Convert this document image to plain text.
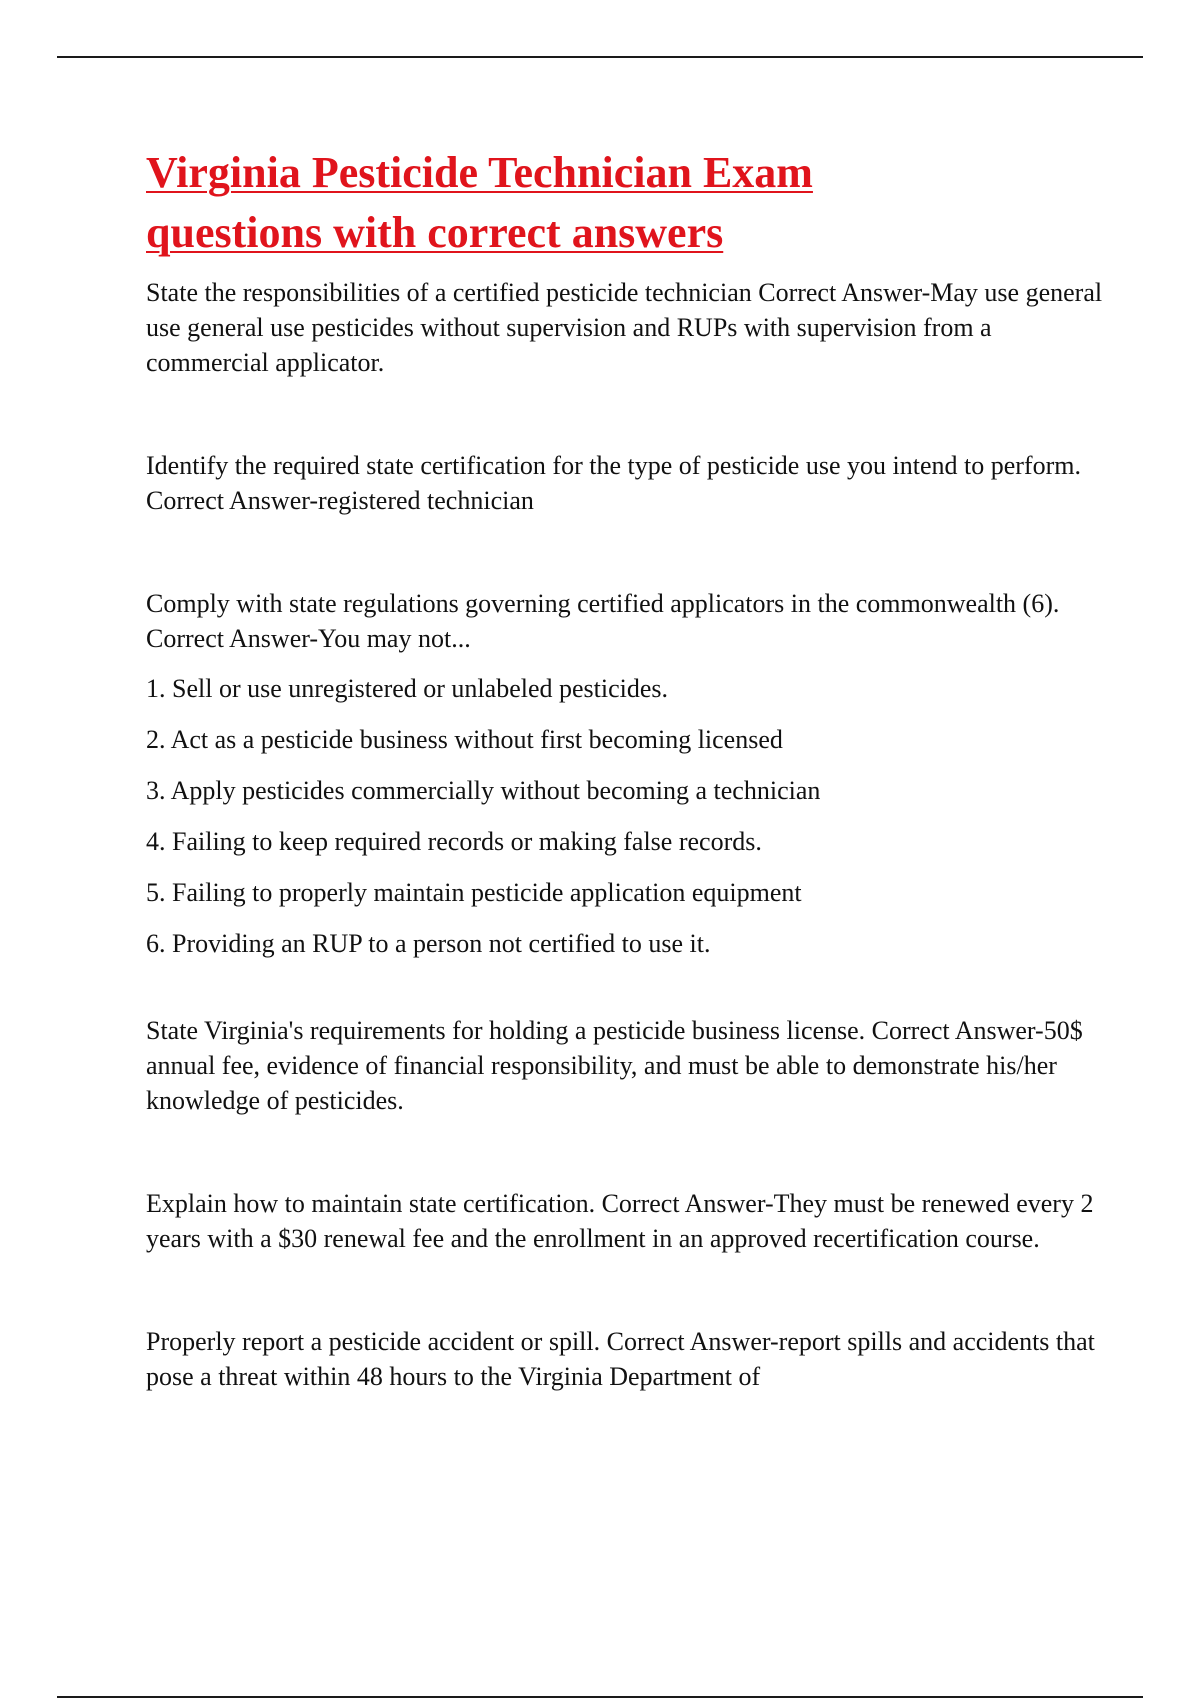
Virginia Pesticide Technician Exam
questions with correct answers

State the responsibilities of a certified pesticide technician Correct Answer-May use general use general use pesticides without supervision and RUPs with supervision from a commercial applicator.

Identify the required state certification for the type of pesticide use you intend to perform. Correct Answer-registered technician

Comply with state regulations governing certified applicators in the commonwealth (6). Correct Answer-You may not...

1. Sell or use unregistered or unlabeled pesticides.
2. Act as a pesticide business without first becoming licensed
3. Apply pesticides commercially without becoming a technician
4. Failing to keep required records or making false records.
5. Failing to properly maintain pesticide application equipment
6. Providing an RUP to a person not certified to use it.

State Virginia's requirements for holding a pesticide business license. Correct Answer-50$ annual fee, evidence of financial responsibility, and must be able to demonstrate his/her knowledge of pesticides.

Explain how to maintain state certification. Correct Answer-They must be renewed every 2 years with a $30 renewal fee and the enrollment in an approved recertification course.

Properly report a pesticide accident or spill. Correct Answer-report spills and accidents that pose a threat within 48 hours to the Virginia Department of
